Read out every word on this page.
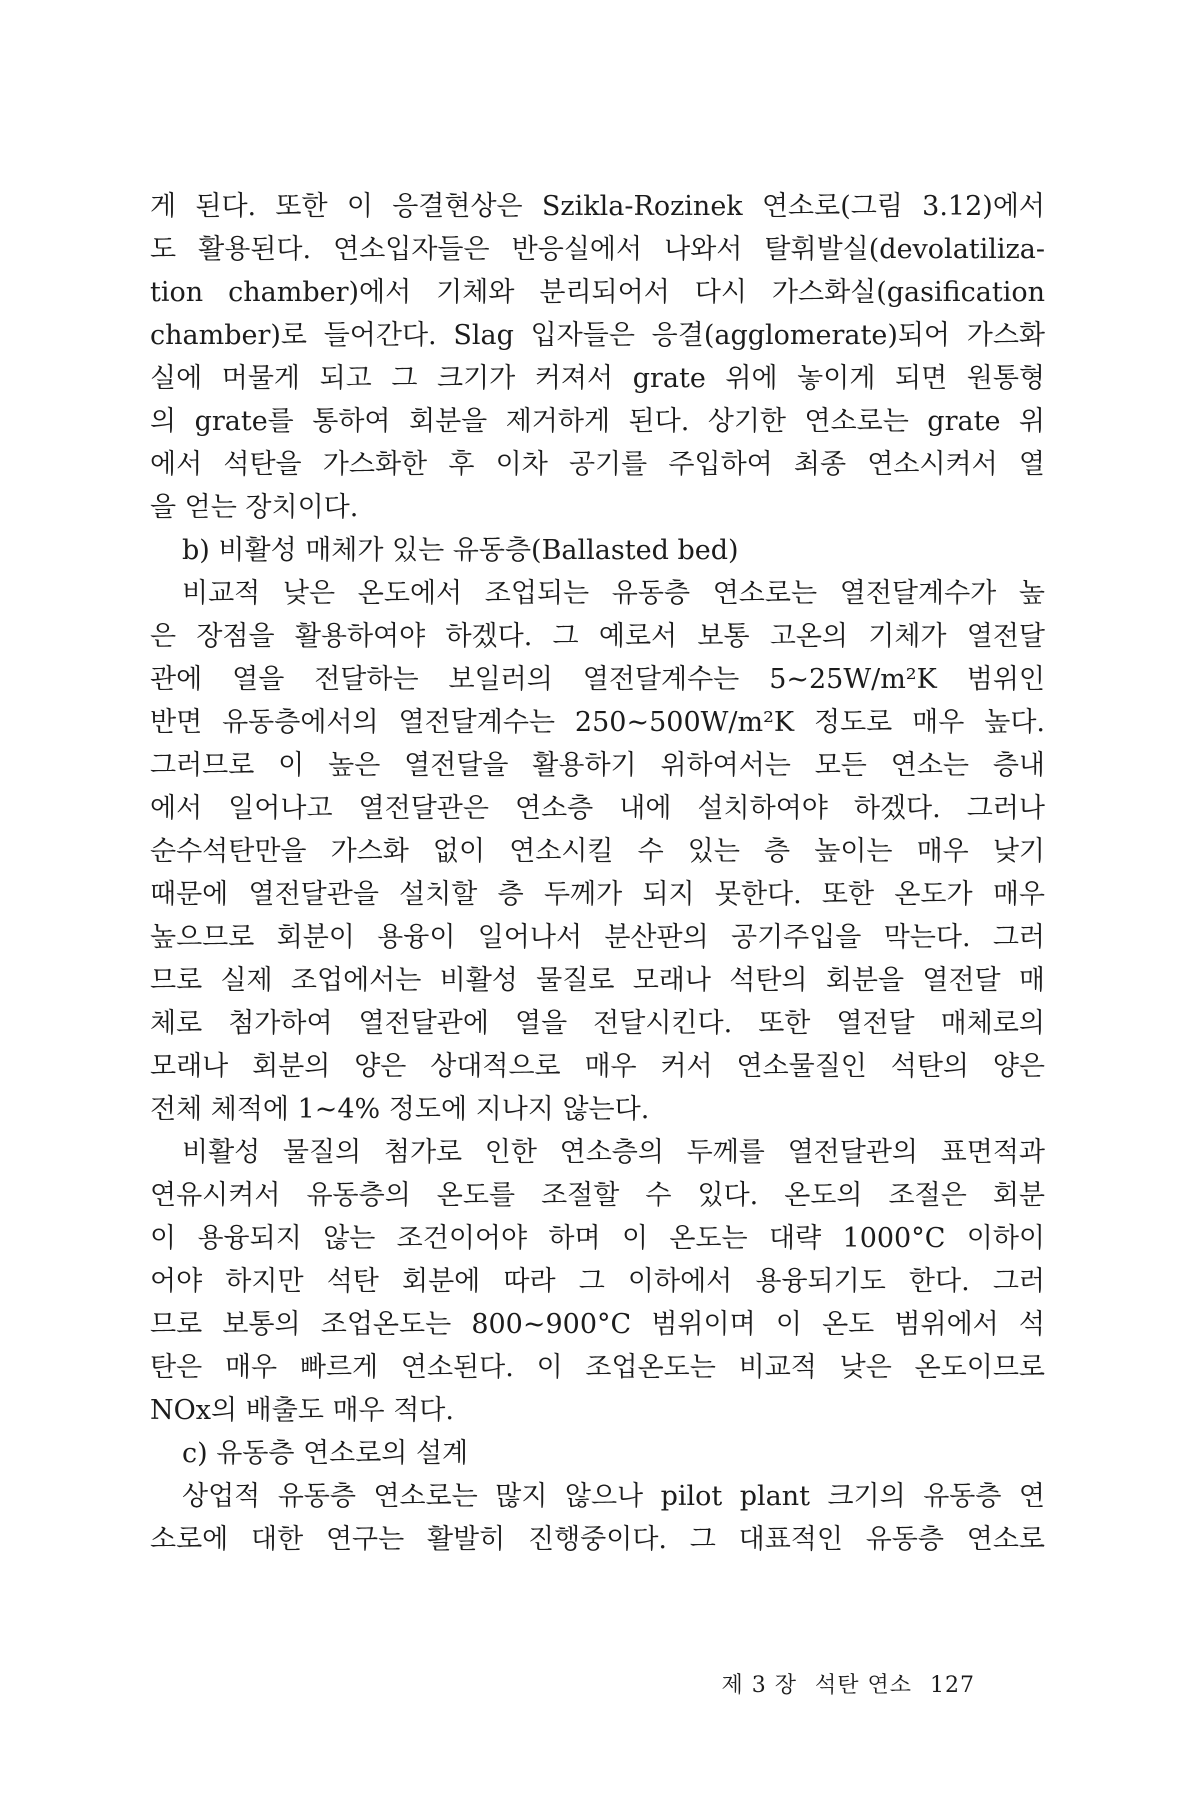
게 된다. 또한 이 응결현상은 Szikla-Rozinek 연소로(그림 3.12)에서
도 활용된다. 연소입자들은 반응실에서 나와서 탈휘발실(devolatiliza-
tion chamber)에서 기체와 분리되어서 다시 가스화실(gasification
chamber)로 들어간다. Slag 입자들은 응결(agglomerate)되어 가스화
실에 머물게 되고 그 크기가 커져서 grate 위에 놓이게 되면 원통형
의 grate를 통하여 회분을 제거하게 된다. 상기한 연소로는 grate 위
에서 석탄을 가스화한 후 이차 공기를 주입하여 최종 연소시켜서 열
을 얻는 장치이다.
b) 비활성 매체가 있는 유동층(Ballasted bed)
비교적 낮은 온도에서 조업되는 유동층 연소로는 열전달계수가 높
은 장점을 활용하여야 하겠다. 그 예로서 보통 고온의 기체가 열전달
관에 열을 전달하는 보일러의 열전달계수는 5~25W/m²K 범위인
반면 유동층에서의 열전달계수는 250~500W/m²K 정도로 매우 높다.
그러므로 이 높은 열전달을 활용하기 위하여서는 모든 연소는 층내
에서 일어나고 열전달관은 연소층 내에 설치하여야 하겠다. 그러나
순수석탄만을 가스화 없이 연소시킬 수 있는 층 높이는 매우 낮기
때문에 열전달관을 설치할 층 두께가 되지 못한다. 또한 온도가 매우
높으므로 회분이 용융이 일어나서 분산판의 공기주입을 막는다. 그러
므로 실제 조업에서는 비활성 물질로 모래나 석탄의 회분을 열전달 매
체로 첨가하여 열전달관에 열을 전달시킨다. 또한 열전달 매체로의
모래나 회분의 양은 상대적으로 매우 커서 연소물질인 석탄의 양은
전체 체적에 1~4% 정도에 지나지 않는다.
비활성 물질의 첨가로 인한 연소층의 두께를 열전달관의 표면적과
연유시켜서 유동층의 온도를 조절할 수 있다. 온도의 조절은 회분
이 용융되지 않는 조건이어야 하며 이 온도는 대략 1000°C 이하이
어야 하지만 석탄 회분에 따라 그 이하에서 용융되기도 한다. 그러
므로 보통의 조업온도는 800~900°C 범위이며 이 온도 범위에서 석
탄은 매우 빠르게 연소된다. 이 조업온도는 비교적 낮은 온도이므로
NOx의 배출도 매우 적다.
c) 유동층 연소로의 설계
상업적 유동층 연소로는 많지 않으나 pilot plant 크기의 유동층 연
소로에 대한 연구는 활발히 진행중이다. 그 대표적인 유동층 연소로
제 3 장 석탄 연소 127
